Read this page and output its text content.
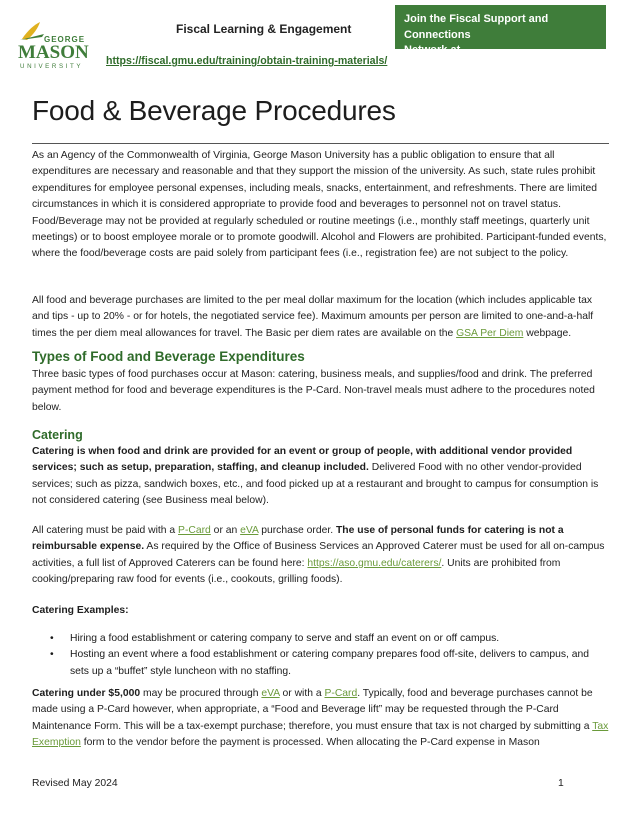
GEORGE
MASON
UNIVERSITY
Fiscal Learning & Engagement
https://fiscal.gmu.edu/training/obtain-training-materials/
Join the Fiscal Support and Connections
Network at https://fiscal.gmu.edu/fscn/
Food & Beverage Procedures

As an Agency of the Commonwealth of Virginia, George Mason University has a public obligation to ensure that all expenditures are necessary and reasonable and that they support the mission of the university. As such, state rules prohibit expenditures for employee personal expenses, including meals, snacks, entertainment, and refreshments. There are limited circumstances in which it is considered appropriate to provide food and beverages to personnel not on travel status. Food/Beverage may not be provided at regularly scheduled or routine meetings (i.e., monthly staff meetings, quarterly unit meetings) or to boost employee morale or to promote goodwill. Alcohol and Flowers are prohibited. Participant-funded events, where the food/beverage costs are paid solely from participant fees (i.e., registration fee) are not subject to the policy.

All food and beverage purchases are limited to the per meal dollar maximum for the location (which includes applicable tax and tips - up to 20% - or for hotels, the negotiated service fee). Maximum amounts per person are limited to one-and-a-half times the per diem meal allowances for travel. The Basic per diem rates are available on the GSA Per Diem webpage.

Types of Food and Beverage Expenditures

Three basic types of food purchases occur at Mason: catering, business meals, and supplies/food and drink. The preferred payment method for food and beverage expenditures is the P-Card. Non-travel meals must adhere to the procedures noted below.

Catering

Catering is when food and drink are provided for an event or group of people, with additional vendor provided services; such as setup, preparation, staffing, and cleanup included. Delivered Food with no other vendor-provided services; such as pizza, sandwich boxes, etc., and food picked up at a restaurant and brought to campus for consumption is not considered catering (see Business meal below).

All catering must be paid with a P-Card or an eVA purchase order. The use of personal funds for catering is not a reimbursable expense. As required by the Office of Business Services an Approved Caterer must be used for all on-campus activities, a full list of Approved Caterers can be found here: https://aso.gmu.edu/caterers/. Units are prohibited from cooking/preparing raw food for events (i.e., cookouts, grilling foods).

Catering Examples:

• Hiring a food establishment or catering company to serve and staff an event on or off campus.
• Hosting an event where a food establishment or catering company prepares food off-site, delivers to campus, and sets up a “buffet” style luncheon with no staffing.

Catering under $5,000 may be procured through eVA or with a P-Card. Typically, food and beverage purchases cannot be made using a P-Card however, when appropriate, a “Food and Beverage lift” may be requested through the P-Card Maintenance Form. This will be a tax-exempt purchase; therefore, you must ensure that tax is not charged by submitting a Tax Exemption form to the vendor before the payment is processed. When allocating the P-Card expense in Mason

Revised May 2024	1
